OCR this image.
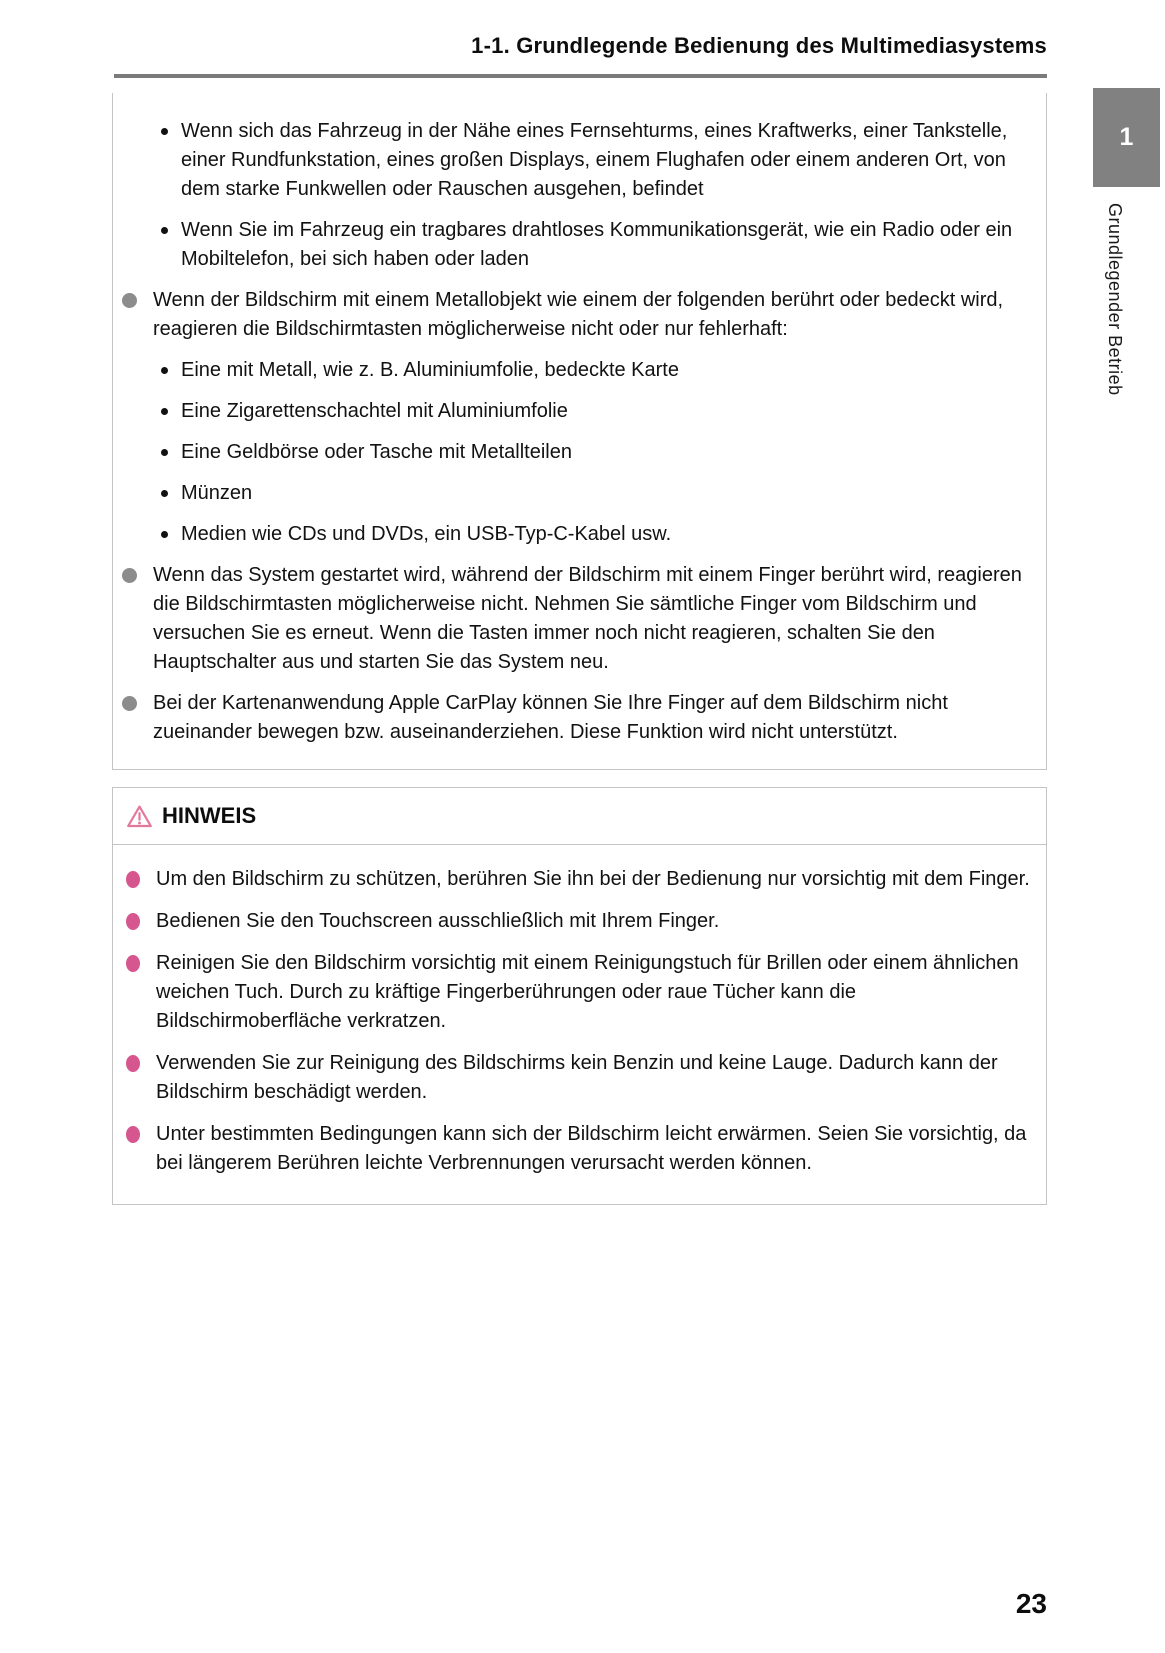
1-1. Grundlegende Bedienung des Multimediasystems
1
Grundlegender Betrieb
Wenn sich das Fahrzeug in der Nähe eines Fernsehturms, eines Kraftwerks, einer Tankstelle, einer Rundfunkstation, eines großen Displays, einem Flughafen oder einem anderen Ort, von dem starke Funkwellen oder Rauschen ausgehen, befindet
Wenn Sie im Fahrzeug ein tragbares drahtloses Kommunikationsgerät, wie ein Radio oder ein Mobiltelefon, bei sich haben oder laden
Wenn der Bildschirm mit einem Metallobjekt wie einem der folgenden berührt oder bedeckt wird, reagieren die Bildschirmtasten möglicherweise nicht oder nur fehlerhaft:
Eine mit Metall, wie z. B. Aluminiumfolie, bedeckte Karte
Eine Zigarettenschachtel mit Aluminiumfolie
Eine Geldbörse oder Tasche mit Metallteilen
Münzen
Medien wie CDs und DVDs, ein USB-Typ-C-Kabel usw.
Wenn das System gestartet wird, während der Bildschirm mit einem Finger berührt wird, reagieren die Bildschirmtasten möglicherweise nicht. Nehmen Sie sämtliche Finger vom Bildschirm und versuchen Sie es erneut. Wenn die Tasten immer noch nicht reagieren, schalten Sie den Hauptschalter aus und starten Sie das System neu.
Bei der Kartenanwendung Apple CarPlay können Sie Ihre Finger auf dem Bildschirm nicht zueinander bewegen bzw. auseinanderziehen. Diese Funktion wird nicht unterstützt.
HINWEIS
Um den Bildschirm zu schützen, berühren Sie ihn bei der Bedienung nur vorsichtig mit dem Finger.
Bedienen Sie den Touchscreen ausschließlich mit Ihrem Finger.
Reinigen Sie den Bildschirm vorsichtig mit einem Reinigungstuch für Brillen oder einem ähnlichen weichen Tuch. Durch zu kräftige Fingerberührungen oder raue Tücher kann die Bildschirmoberfläche verkratzen.
Verwenden Sie zur Reinigung des Bildschirms kein Benzin und keine Lauge. Dadurch kann der Bildschirm beschädigt werden.
Unter bestimmten Bedingungen kann sich der Bildschirm leicht erwärmen. Seien Sie vorsichtig, da bei längerem Berühren leichte Verbrennungen verursacht werden können.
23
